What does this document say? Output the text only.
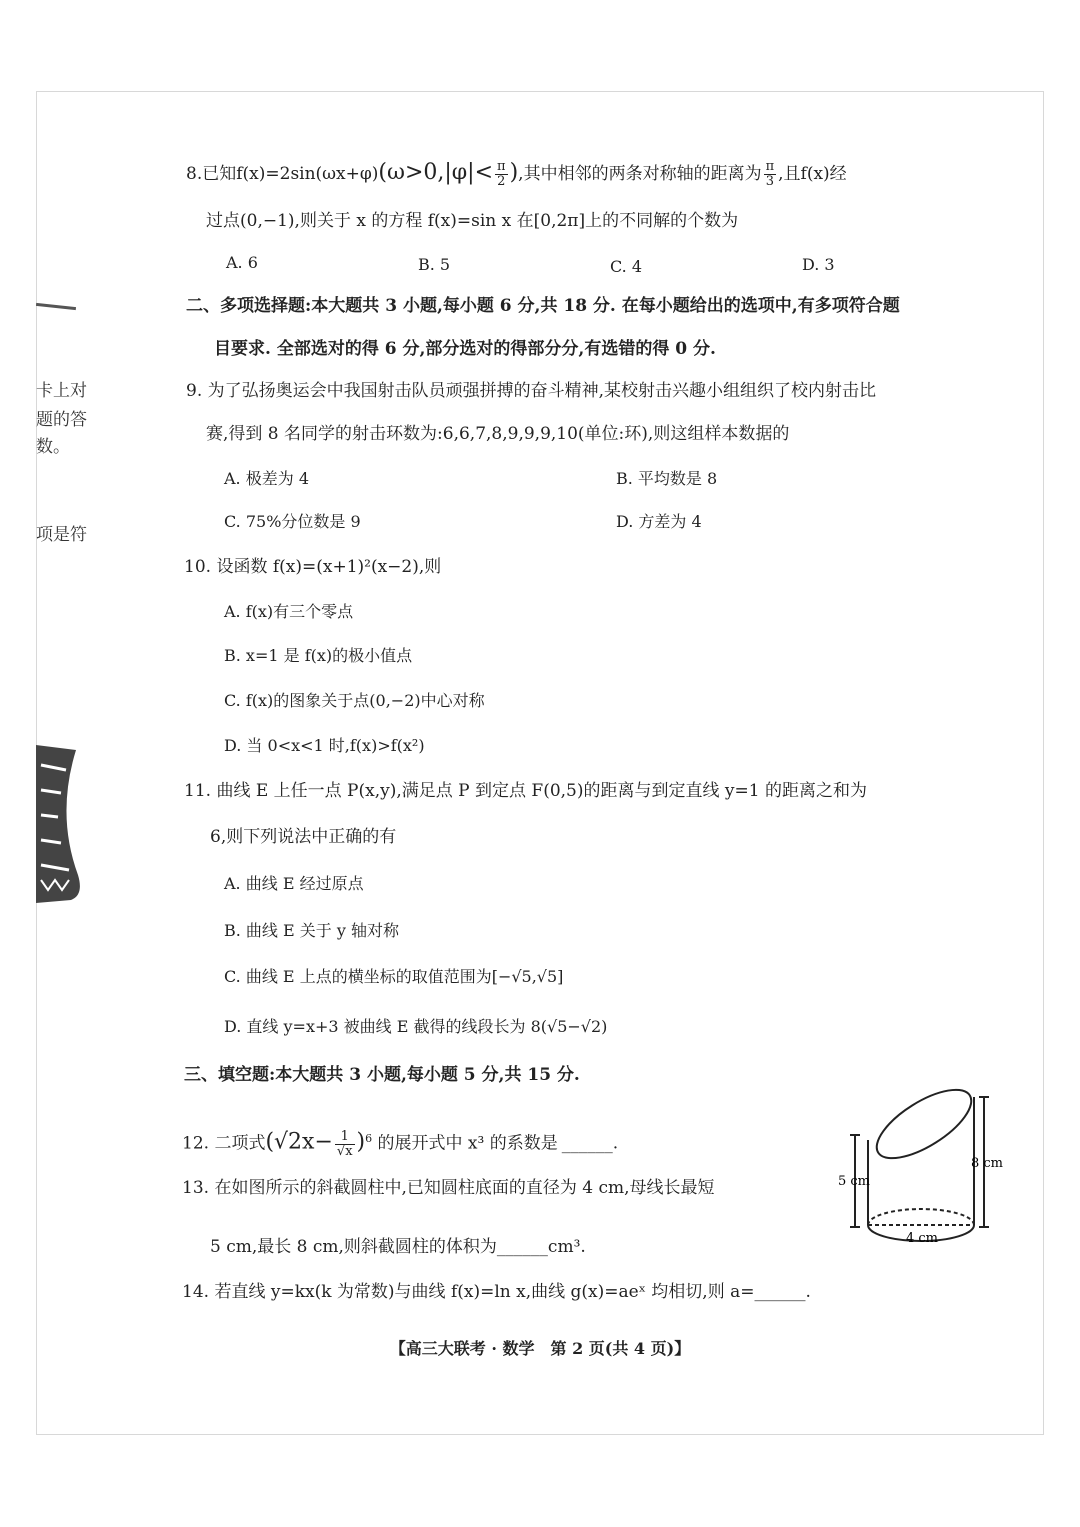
卡上对
题的答
数。
项是符
8.已知$f(x)=2\sin(\omega x+\varphi)(\omega>0,|\varphi|< \frac{\pi}{2}$ ),其中相邻的两条对称轴的距离为 $\frac{\pi}{3}$ ,且f(x)经
过点(0,−1),则关于 x 的方程 f(x)=sin x 在[0,2π]上的不同解的个数为
A. 6	B. 5	C. 4	D. 3
二、多项选择题:本大题共 3 小题,每小题 6 分,共 18 分. 在每小题给出的选项中,有多项符合题
目要求. 全部选对的得 6 分,部分选对的得部分分,有选错的得 0 分.
9. 为了弘扬奥运会中我国射击队员顽强拼搏的奋斗精神,某校射击兴趣小组组织了校内射击比
赛,得到 8 名同学的射击环数为:6,6,7,8,9,9,9,10(单位:环),则这组样本数据的
A. 极差为 4	B. 平均数是 8
C. 75%分位数是 9	D. 方差为 4
10. 设函数 f(x)=(x+1)²(x−2),则
A. f(x)有三个零点
B. x=1 是 f(x)的极小值点
C. f(x)的图象关于点(0,−2)中心对称
D. 当 0<x<1 时,f(x)>f(x²)
11. 曲线 E 上任一点 P(x,y),满足点 P 到定点 F(0,5)的距离与到定直线 y=1 的距离之和为
6,则下列说法中正确的有
A. 曲线 E 经过原点
B. 曲线 E 关于 y 轴对称
C. 曲线 E 上点的横坐标的取值范围为[−√5,√5]
D. 直线 y=x+3 被曲线 E 截得的线段长为 8(√5−√2)
三、填空题:本大题共 3 小题,每小题 5 分,共 15 分.
12. 二项式$(√2x- \frac{1}{√x} )^6$ 的展开式中 x³ 的系数是 ______.
13. 在如图所示的斜截圆柱中,已知圆柱底面的直径为 4 cm,母线长最短
5 cm,最长 8 cm,则斜截圆柱的体积为______cm³.
14. 若直线 y=kx(k 为常数)与曲线 f(x)=ln x,曲线 g(x)=aeˣ 均相切,则 a=______.
5 cm
8 cm
4 cm
【高三大联考 · 数学　第 2 页(共 4 页)】
